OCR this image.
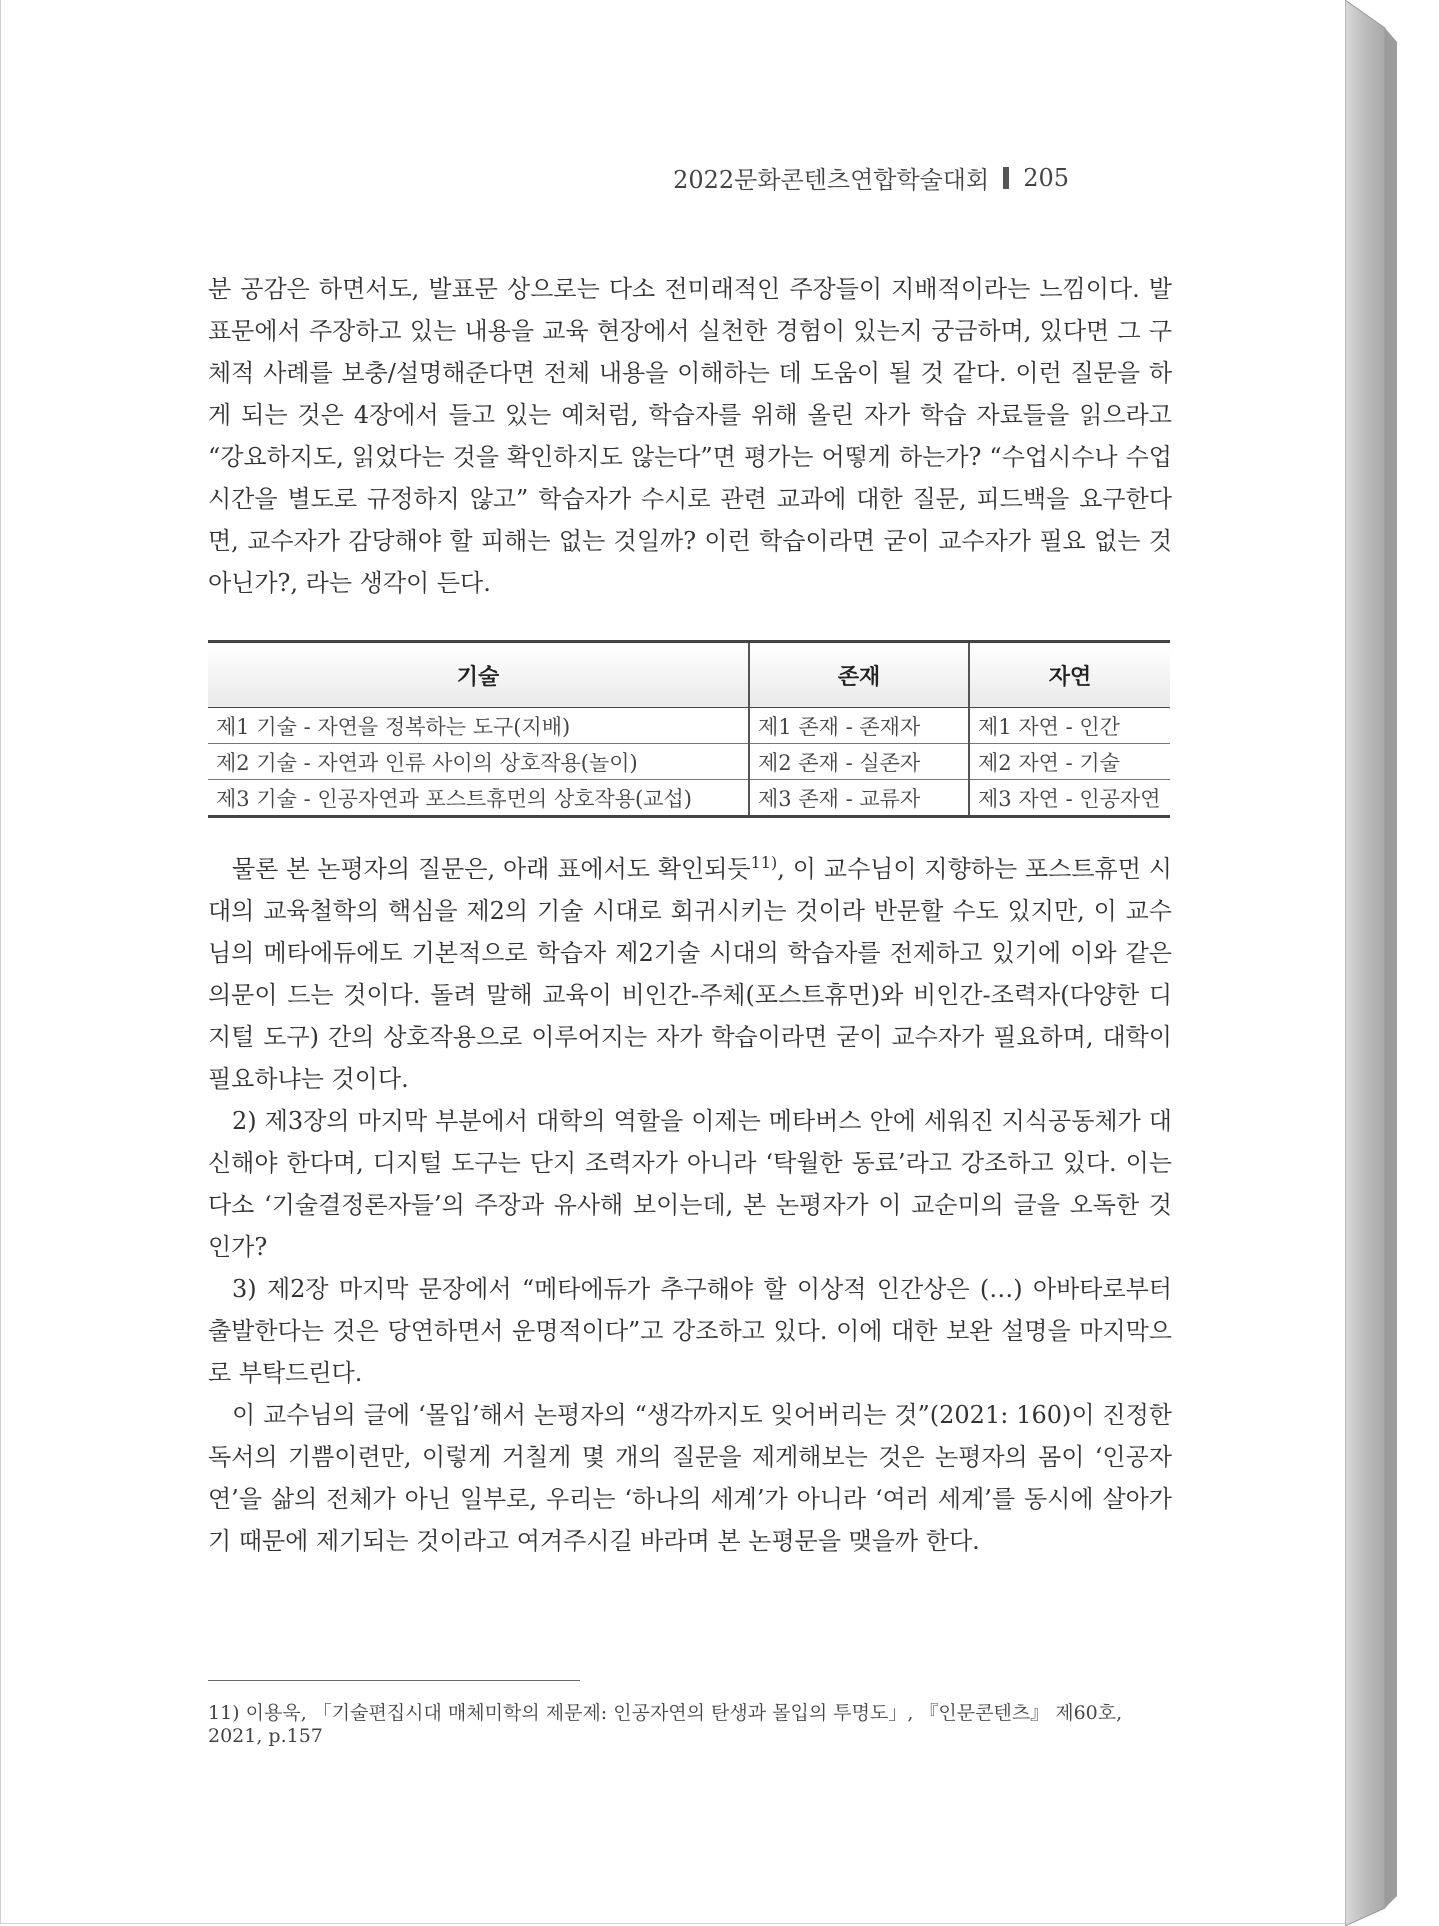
2022문화콘텐츠연합학술대회 205

분 공감은 하면서도, 발표문 상으로는 다소 전미래적인 주장들이 지배적이라는 느낌이다. 발표문에서 주장하고 있는 내용을 교육 현장에서 실천한 경험이 있는지 궁금하며, 있다면 그 구체적 사례를 보충/설명해준다면 전체 내용을 이해하는 데 도움이 될 것 같다. 이런 질문을 하게 되는 것은 4장에서 들고 있는 예처럼, 학습자를 위해 올린 자가 학습 자료들을 읽으라고 “강요하지도, 읽었다는 것을 확인하지도 않는다”면 평가는 어떻게 하는가? “수업시수나 수업시간을 별도로 규정하지 않고” 학습자가 수시로 관련 교과에 대한 질문, 피드백을 요구한다면, 교수자가 감당해야 할 피해는 없는 것일까? 이런 학습이라면 굳이 교수자가 필요 없는 것 아닌가?, 라는 생각이 든다.

기술	존재	자연
제1 기술 - 자연을 정복하는 도구(지배)	제1 존재 - 존재자	제1 자연 - 인간
제2 기술 - 자연과 인류 사이의 상호작용(놀이)	제2 존재 - 실존자	제2 자연 - 기술
제3 기술 - 인공자연과 포스트휴먼의 상호작용(교섭)	제3 존재 - 교류자	제3 자연 - 인공자연

물론 본 논평자의 질문은, 아래 표에서도 확인되듯$^{11)}$, 이 교수님이 지향하는 포스트휴먼 시대의 교육철학의 핵심을 제2의 기술 시대로 회귀시키는 것이라 반문할 수도 있지만, 이 교수님의 메타에듀에도 기본적으로 학습자 제2기술 시대의 학습자를 전제하고 있기에 이와 같은 의문이 드는 것이다. 돌려 말해 교육이 비인간-주체(포스트휴먼)와 비인간-조력자(다양한 디지털 도구) 간의 상호작용으로 이루어지는 자가 학습이라면 굳이 교수자가 필요하며, 대학이 필요하냐는 것이다.

2) 제3장의 마지막 부분에서 대학의 역할을 이제는 메타버스 안에 세워진 지식공동체가 대신해야 한다며, 디지털 도구는 단지 조력자가 아니라 ‘탁월한 동료’라고 강조하고 있다. 이는 다소 ‘기술결정론자들’의 주장과 유사해 보이는데, 본 논평자가 이 교순미의 글을 오독한 것인가?

3) 제2장 마지막 문장에서 “메타에듀가 추구해야 할 이상적 인간상은 (…) 아바타로부터 출발한다는 것은 당연하면서 운명적이다”고 강조하고 있다. 이에 대한 보완 설명을 마지막으로 부탁드린다.

이 교수님의 글에 ‘몰입’해서 논평자의 “생각까지도 잊어버리는 것”(2021: 160)이 진정한 독서의 기쁨이련만, 이렇게 거칠게 몇 개의 질문을 제게해보는 것은 논평자의 몸이 ‘인공자연’을 삶의 전체가 아닌 일부로, 우리는 ‘하나의 세계’가 아니라 ‘여러 세계’를 동시에 살아가기 때문에 제기되는 것이라고 여겨주시길 바라며 본 논평문을 맺을까 한다.

11) 이용욱, 「기술편집시대 매체미학의 제문제: 인공자연의 탄생과 몰입의 투명도」, 『인문콘텐츠』 제60호, 2021, p.157
